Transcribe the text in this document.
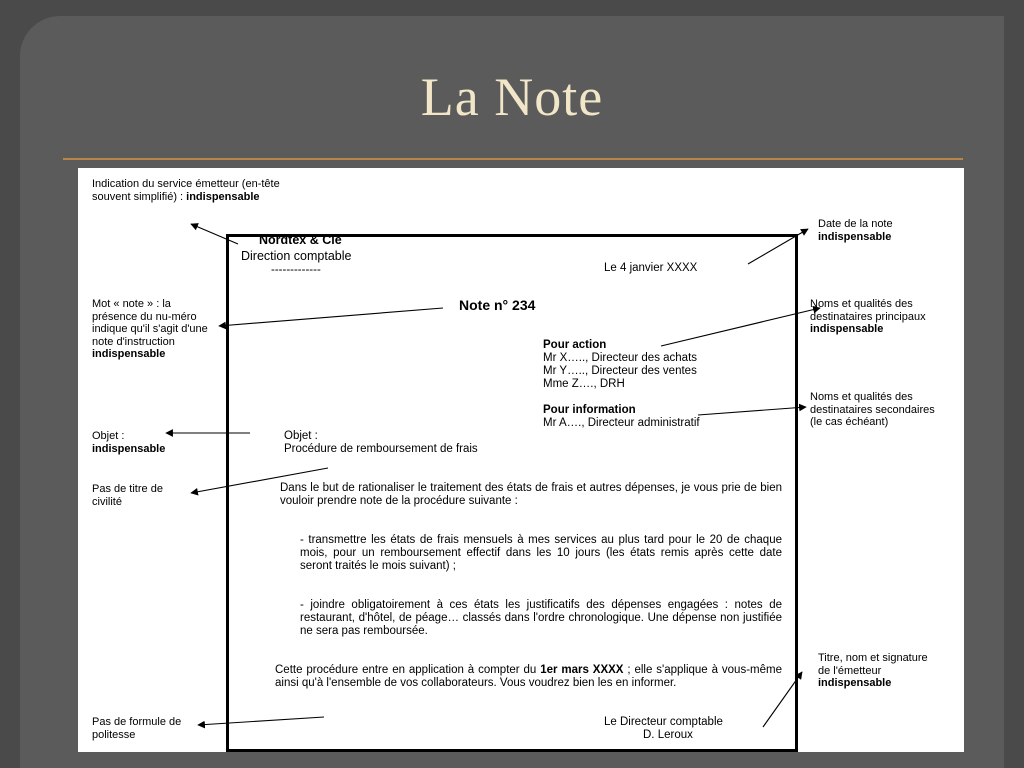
La Note
Nordtex & Cie
Direction comptable
-------------	Le 4 janvier XXXX
Note n° 234
Pour action
Mr X….., Directeur des achats
Mr Y….., Directeur des ventes
Mme Z…., DRH
Pour information
Mr A…., Directeur administratif
Objet :
Procédure de remboursement de frais
Dans le but de rationaliser le traitement des états de frais et autres dépenses, je vous prie de bien vouloir prendre note de la procédure suivante :
- transmettre les états de frais mensuels à mes services au plus tard pour le 20 de chaque mois, pour un remboursement effectif dans les 10 jours (les états remis après cette date seront traités le mois suivant) ;
- joindre obligatoirement à ces états les justificatifs des dépenses engagées : notes de restaurant, d'hôtel, de péage… classés dans l'ordre chronologique. Une dépense non justifiée ne sera pas remboursée.
Cette procédure entre en application à compter du 1er mars XXXX ; elle s'applique à vous-même ainsi qu'à l'ensemble de vos collaborateurs. Vous voudrez bien les en informer.
Le Directeur comptable
D. Leroux
Indication du service émetteur (en-tête souvent simplifié) : indispensable
Mot « note » : la présence du nu-méro indique qu'il s'agit d'une note d'instruction
indispensable
Objet :
indispensable
Pas de titre de civilité
Pas de formule de politesse
Date de la note
indispensable
Noms et qualités des destinataires principaux
indispensable
Noms et qualités des destinataires secondaires (le cas échéant)
Titre, nom et signature de l'émetteur
indispensable
